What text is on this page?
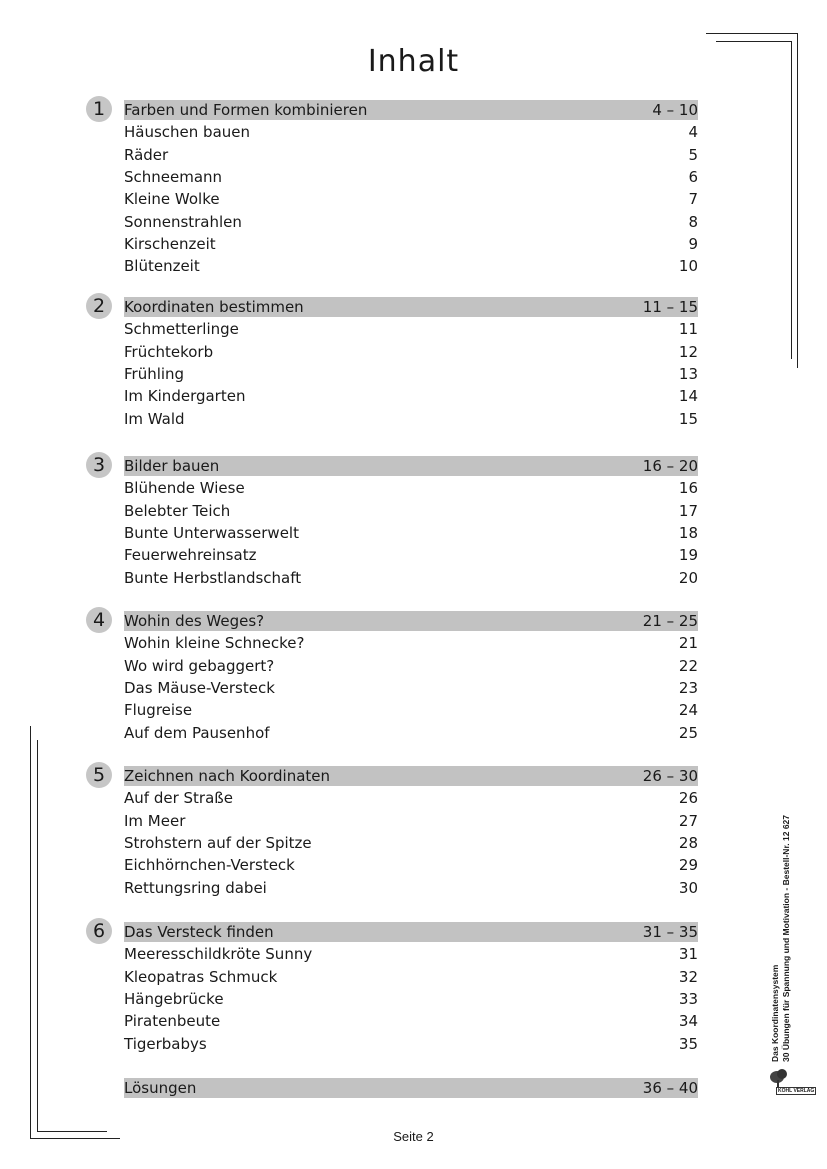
Inhalt
1	Farben und Formen kombinieren	4 – 10
Häuschen bauen	4
Räder	5
Schneemann	6
Kleine Wolke	7
Sonnenstrahlen	8
Kirschenzeit	9
Blütenzeit	10
2	Koordinaten bestimmen	11 – 15
Schmetterlinge	11
Früchtekorb	12
Frühling	13
Im Kindergarten	14
Im Wald	15
3	Bilder bauen	16 – 20
Blühende Wiese	16
Belebter Teich	17
Bunte Unterwasserwelt	18
Feuerwehreinsatz	19
Bunte Herbstlandschaft	20
4	Wohin des Weges?	21 – 25
Wohin kleine Schnecke?	21
Wo wird gebaggert?	22
Das Mäuse-Versteck	23
Flugreise	24
Auf dem Pausenhof	25
5	Zeichnen nach Koordinaten	26 – 30
Auf der Straße	26
Im Meer	27
Strohstern auf der Spitze	28
Eichhörnchen-Versteck	29
Rettungsring dabei	30
6	Das Versteck finden	31 – 35
Meeresschildkröte Sunny	31
Kleopatras Schmuck	32
Hängebrücke	33
Piratenbeute	34
Tigerbabys	35
Lösungen	36 – 40
Das Koordinatensystem 30 Übungen für Spannung und Motivation - Bestell-Nr. 12 627
KOHL VERLAG
Seite 2
